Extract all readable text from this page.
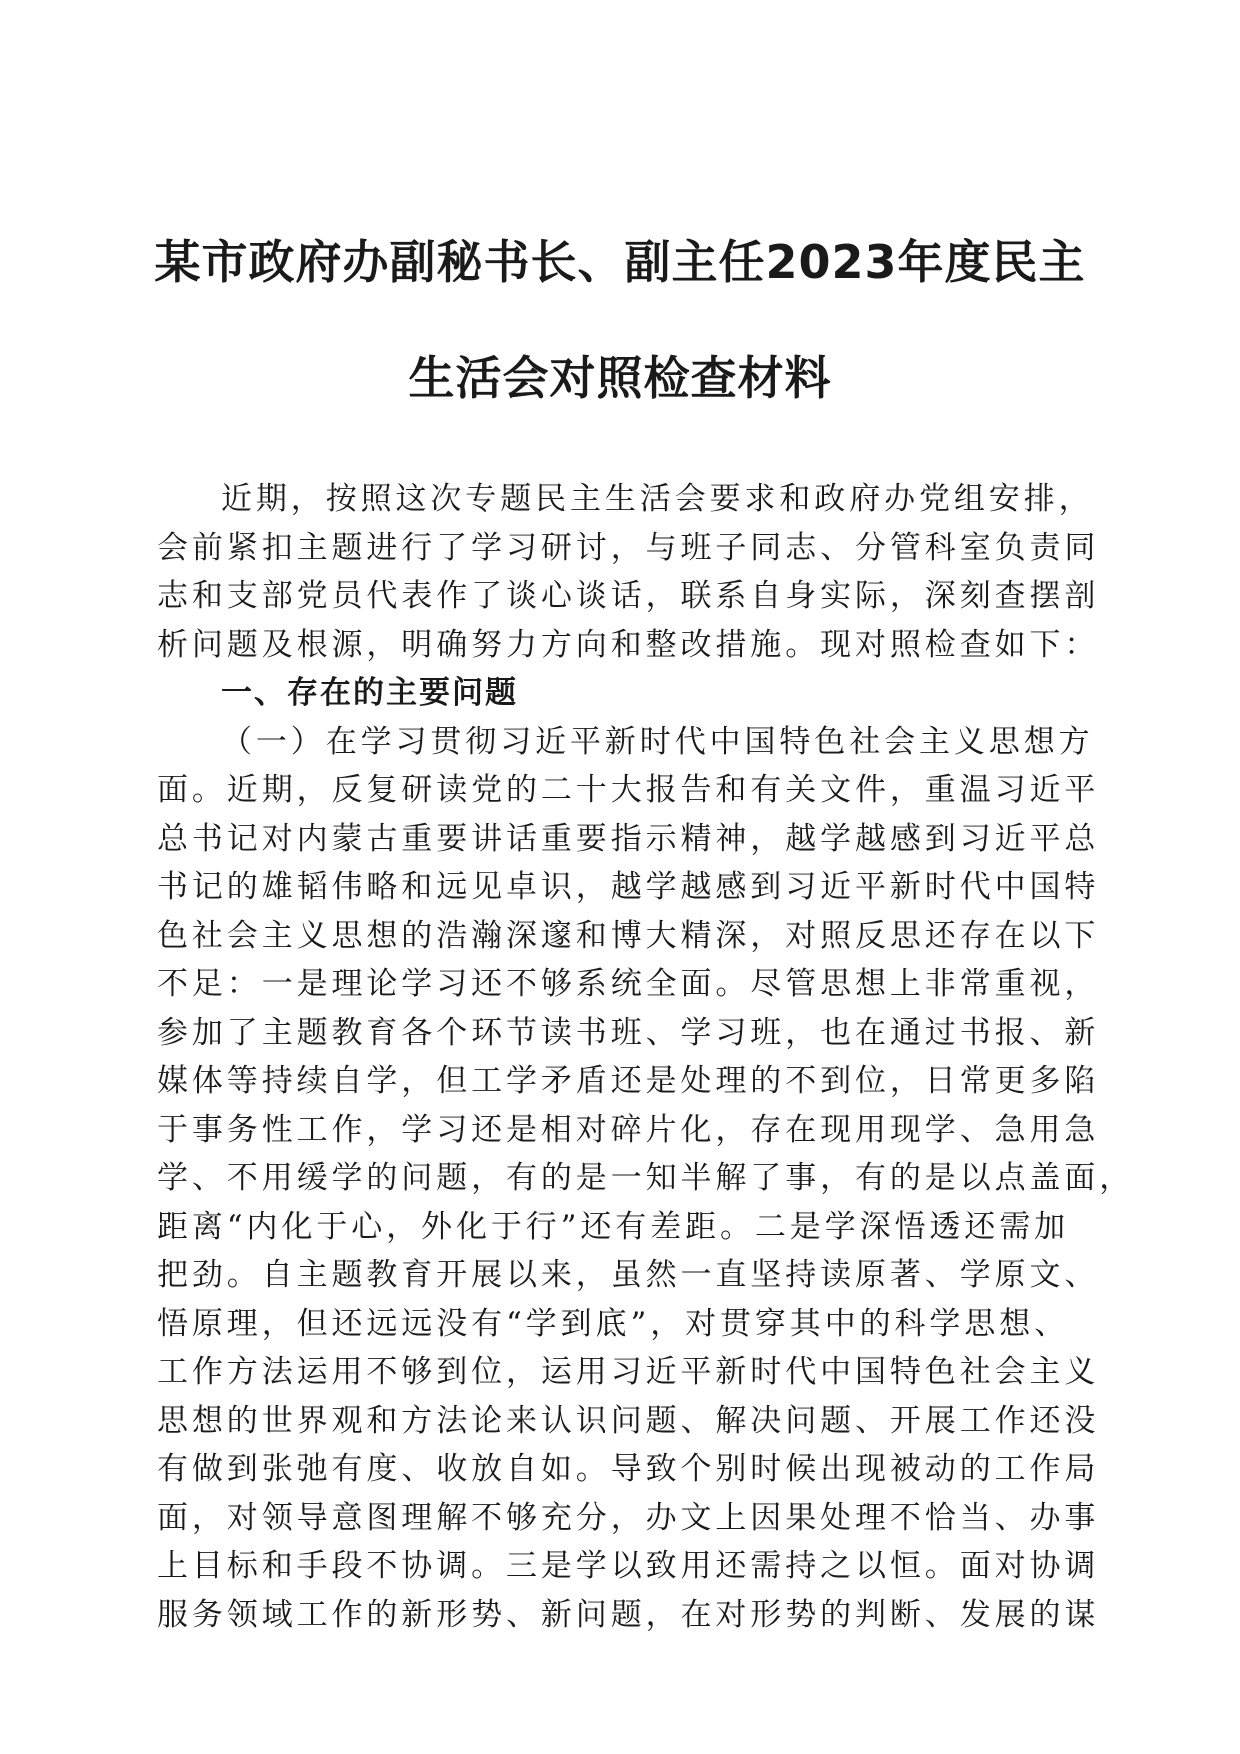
某市政府办副秘书长、副主任2023年度民主
生活会对照检查材料
近期，按照这次专题民主生活会要求和政府办党组安排，
会前紧扣主题进行了学习研讨，与班子同志、分管科室负责同
志和支部党员代表作了谈心谈话，联系自身实际，深刻查摆剖
析问题及根源，明确努力方向和整改措施。现对照检查如下：
一、存在的主要问题
（一）在学习贯彻习近平新时代中国特色社会主义思想方
面。近期，反复研读党的二十大报告和有关文件，重温习近平
总书记对内蒙古重要讲话重要指示精神，越学越感到习近平总
书记的雄韬伟略和远见卓识，越学越感到习近平新时代中国特
色社会主义思想的浩瀚深邃和博大精深，对照反思还存在以下
不足：一是理论学习还不够系统全面。尽管思想上非常重视，
参加了主题教育各个环节读书班、学习班，也在通过书报、新
媒体等持续自学，但工学矛盾还是处理的不到位，日常更多陷
于事务性工作，学习还是相对碎片化，存在现用现学、急用急
学、不用缓学的问题，有的是一知半解了事，有的是以点盖面，
距离“内化于心，外化于行”还有差距。二是学深悟透还需加
把劲。自主题教育开展以来，虽然一直坚持读原著、学原文、
悟原理，但还远远没有“学到底”，对贯穿其中的科学思想、
工作方法运用不够到位，运用习近平新时代中国特色社会主义
思想的世界观和方法论来认识问题、解决问题、开展工作还没
有做到张弛有度、收放自如。导致个别时候出现被动的工作局
面，对领导意图理解不够充分，办文上因果处理不恰当、办事
上目标和手段不协调。三是学以致用还需持之以恒。面对协调
服务领域工作的新形势、新问题，在对形势的判断、发展的谋
